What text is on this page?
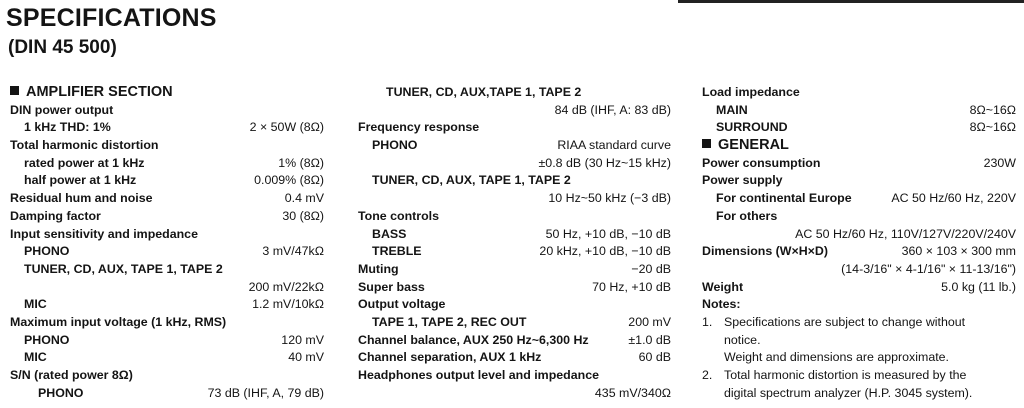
SPECIFICATIONS
(DIN 45 500)
AMPLIFIER SECTION
DIN power output
1 kHz THD: 1%	2 × 50W (8Ω)
Total harmonic distortion
rated power at 1 kHz	1% (8Ω)
half power at 1 kHz	0.009% (8Ω)
Residual hum and noise	0.4 mV
Damping factor	30 (8Ω)
Input sensitivity and impedance
PHONO	3 mV/47kΩ
TUNER, CD, AUX, TAPE 1, TAPE 2
200 mV/22kΩ
MIC	1.2 mV/10kΩ
Maximum input voltage (1 kHz, RMS)
PHONO	120 mV
MIC	40 mV
S/N (rated power 8Ω)
PHONO	73 dB (IHF, A, 79 dB)
TUNER, CD, AUX,TAPE 1, TAPE 2
84 dB (IHF, A: 83 dB)
Frequency response
PHONO	RIAA standard curve
±0.8 dB (30 Hz~15 kHz)
TUNER, CD, AUX, TAPE 1, TAPE 2
10 Hz~50 kHz (−3 dB)
Tone controls
BASS	50 Hz, +10 dB, −10 dB
TREBLE	20 kHz, +10 dB, −10 dB
Muting	−20 dB
Super bass	70 Hz, +10 dB
Output voltage
TAPE 1, TAPE 2, REC OUT	200 mV
Channel balance, AUX 250 Hz~6,300 Hz	±1.0 dB
Channel separation, AUX 1 kHz	60 dB
Headphones output level and impedance
435 mV/340Ω
Load impedance
MAIN	8Ω~16Ω
SURROUND	8Ω~16Ω
GENERAL
Power consumption	230W
Power supply
For continental Europe	AC 50 Hz/60 Hz, 220V
For others
AC 50 Hz/60 Hz, 110V/127V/220V/240V
Dimensions (W×H×D)	360 × 103 × 300 mm
(14-3/16" × 4-1/16" × 11-13/16")
Weight	5.0 kg (11 lb.)
Notes:
1. Specifications are subject to change without
notice.
Weight and dimensions are approximate.
2. Total harmonic distortion is measured by the
digital spectrum analyzer (H.P. 3045 system).
